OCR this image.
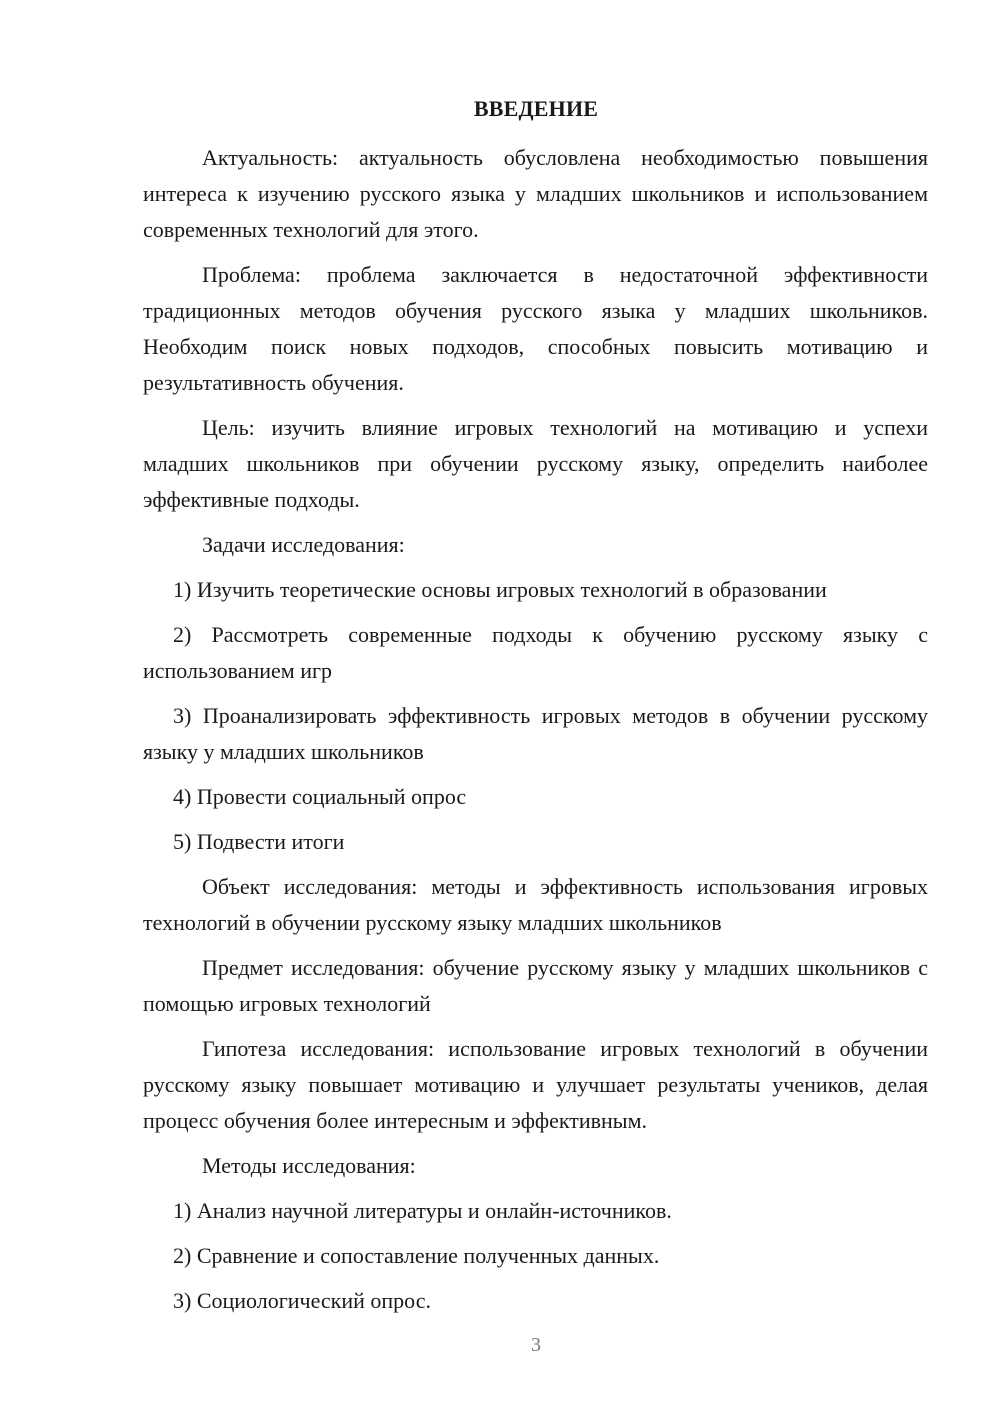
ВВЕДЕНИЕ

Актуальность: актуальность обусловлена необходимостью повышения интереса к изучению русского языка у младших школьников и использованием современных технологий для этого.

Проблема: проблема заключается в недостаточной эффективности традиционных методов обучения русского языка у младших школьников. Необходим поиск новых подходов, способных повысить мотивацию и результативность обучения.

Цель: изучить влияние игровых технологий на мотивацию и успехи младших школьников при обучении русскому языку, определить наиболее эффективные подходы.

Задачи исследования:

1) Изучить теоретические основы игровых технологий в образовании

2) Рассмотреть современные подходы к обучению русскому языку с использованием игр

3) Проанализировать эффективность игровых методов в обучении русскому языку у младших школьников

4) Провести социальный опрос

5) Подвести итоги

Объект исследования: методы и эффективность использования игровых технологий в обучении русскому языку младших школьников

Предмет исследования: обучение русскому языку у младших школьников с помощью игровых технологий

Гипотеза исследования: использование игровых технологий в обучении русскому языку повышает мотивацию и улучшает результаты учеников, делая процесс обучения более интересным и эффективным.

Методы исследования:

1) Анализ научной литературы и онлайн-источников.

2) Сравнение и сопоставление полученных данных.

3) Социологический опрос.

3
